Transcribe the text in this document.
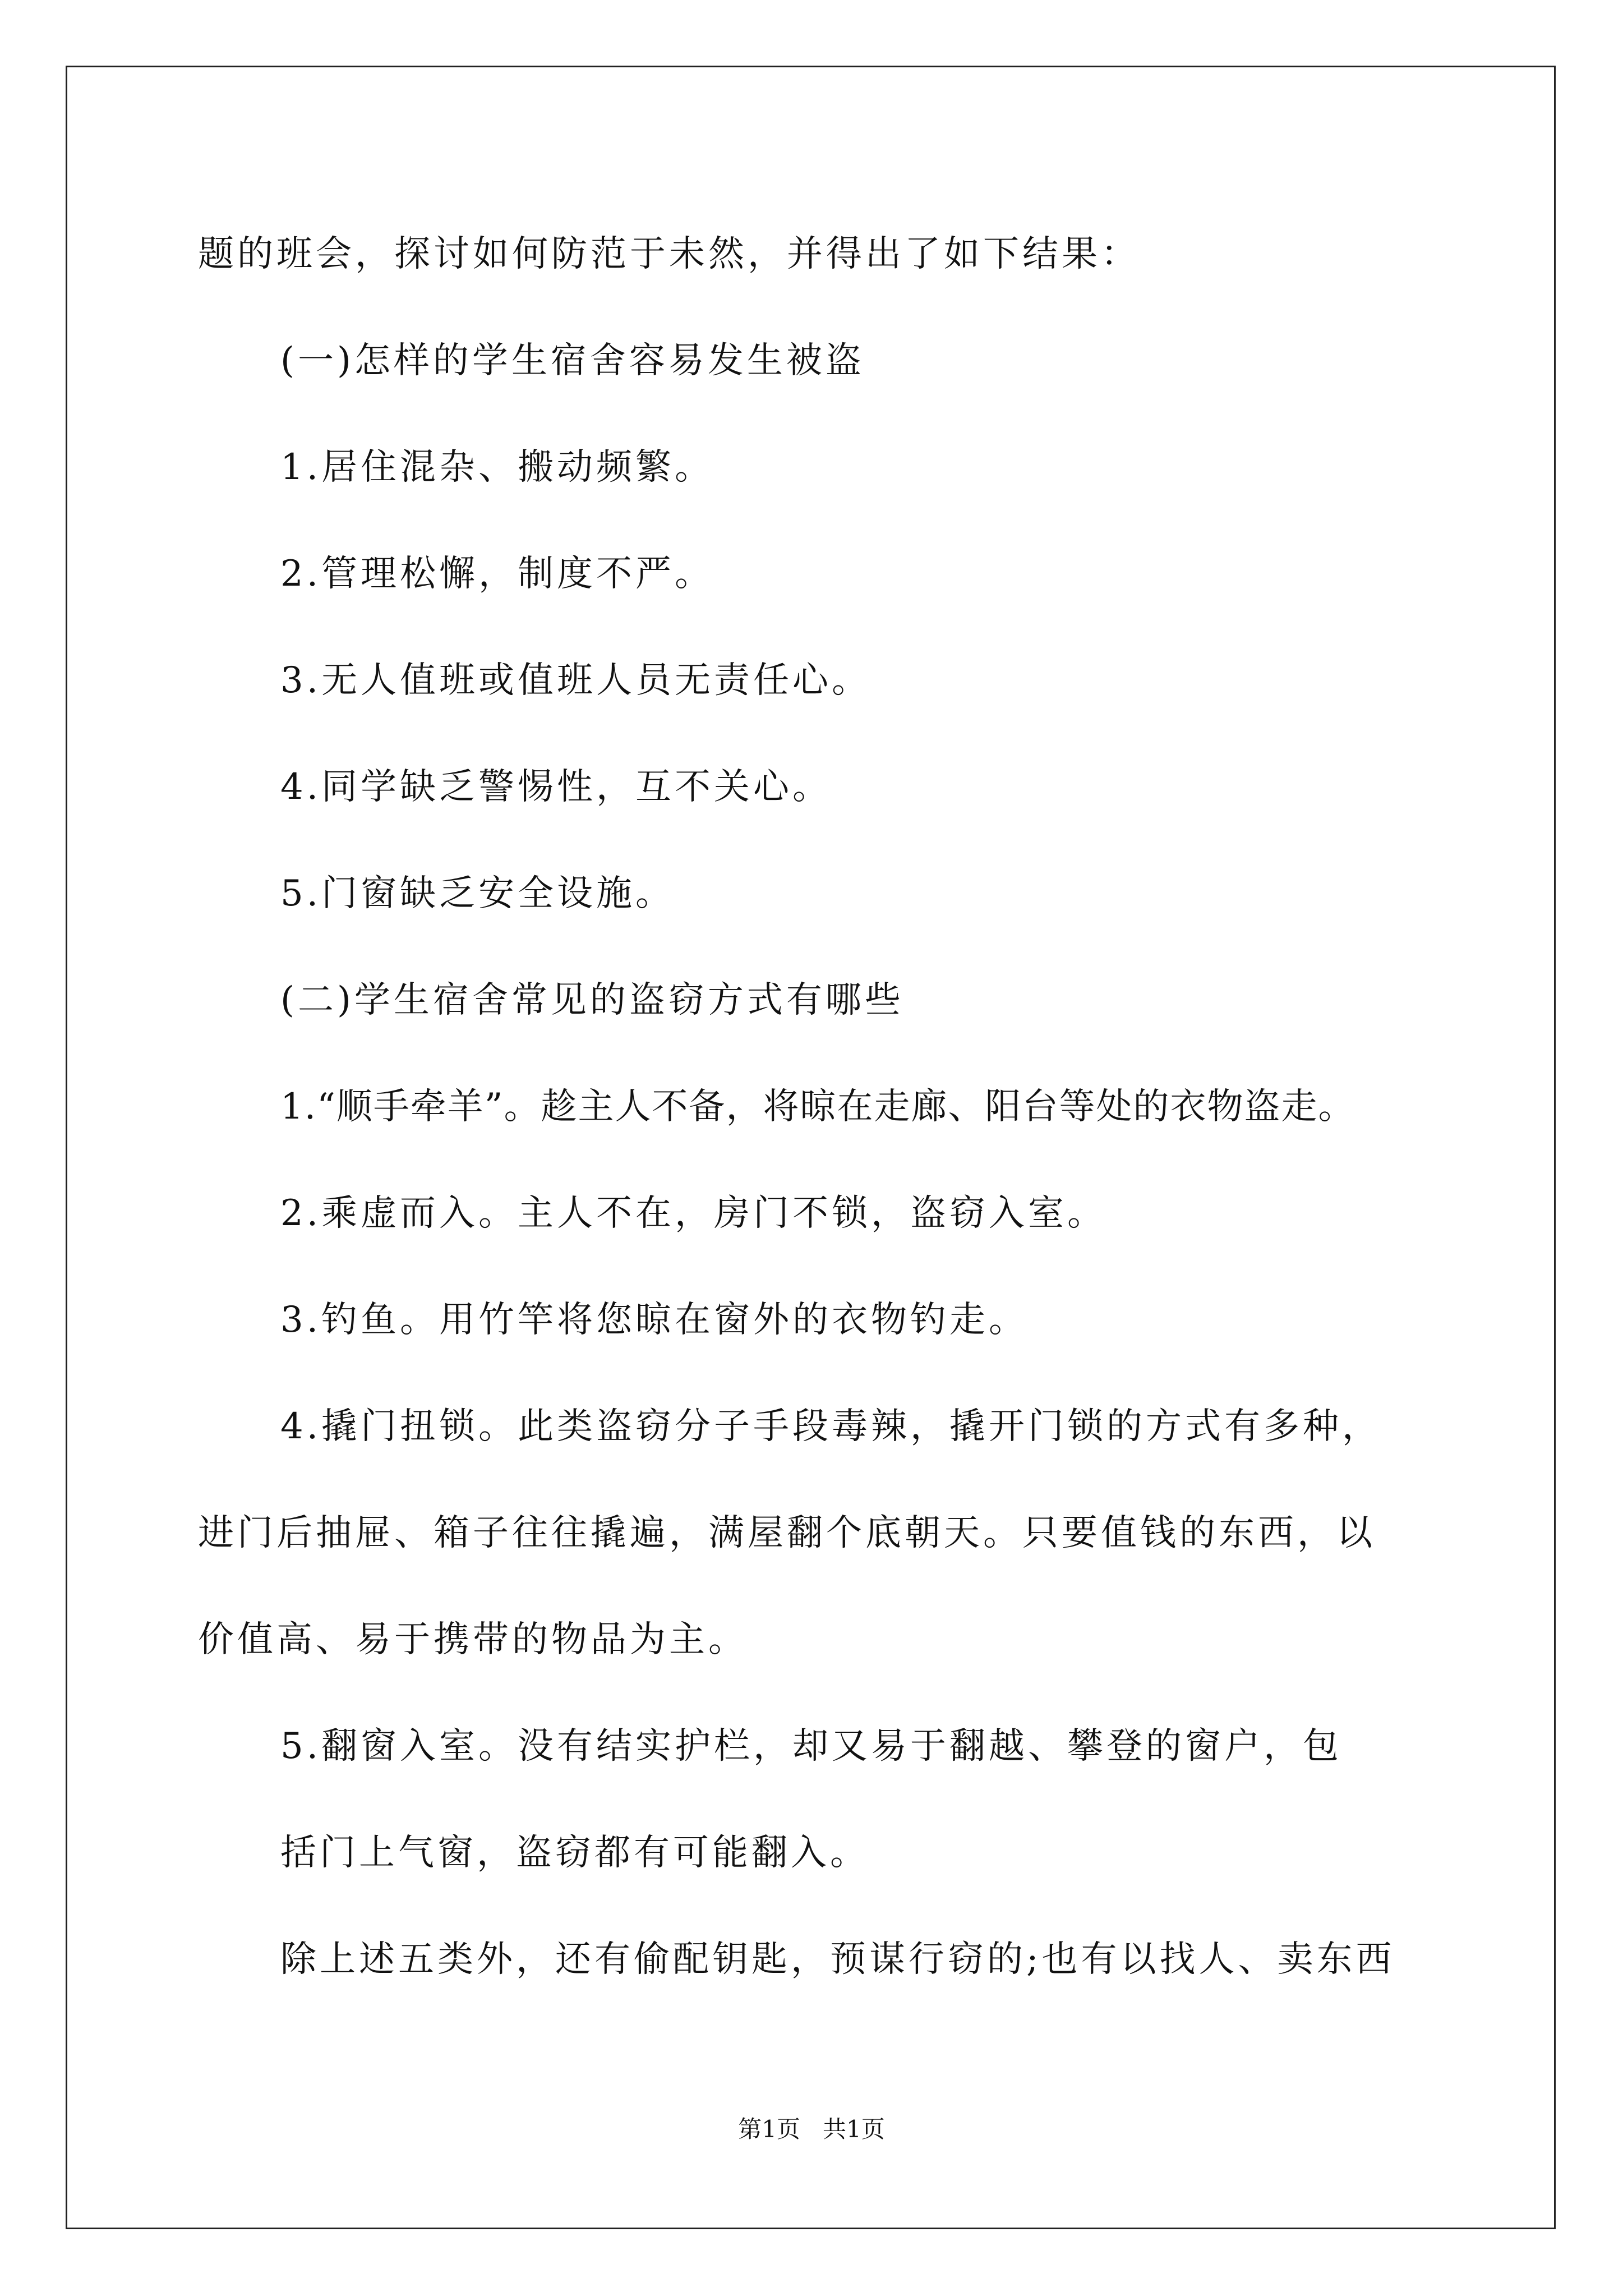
题的班会，探讨如何防范于未然，并得出了如下结果：
(一)怎样的学生宿舍容易发生被盗
1.居住混杂、搬动频繁。
2.管理松懈，制度不严。
3.无人值班或值班人员无责任心。
4.同学缺乏警惕性，互不关心。
5.门窗缺乏安全设施。
(二)学生宿舍常见的盗窃方式有哪些
1.“顺手牵羊”。趁主人不备，将晾在走廊、阳台等处的衣物盗走。
2.乘虚而入。主人不在，房门不锁，盗窃入室。
3.钓鱼。用竹竿将您晾在窗外的衣物钓走。
4.撬门扭锁。此类盗窃分子手段毒辣，撬开门锁的方式有多种，
进门后抽屉、箱子往往撬遍，满屋翻个底朝天。只要值钱的东西，以
价值高、易于携带的物品为主。
5.翻窗入室。没有结实护栏，却又易于翻越、攀登的窗户，包
括门上气窗，盗窃都有可能翻入。
除上述五类外，还有偷配钥匙，预谋行窃的;也有以找人、卖东西
第1页   共1页
